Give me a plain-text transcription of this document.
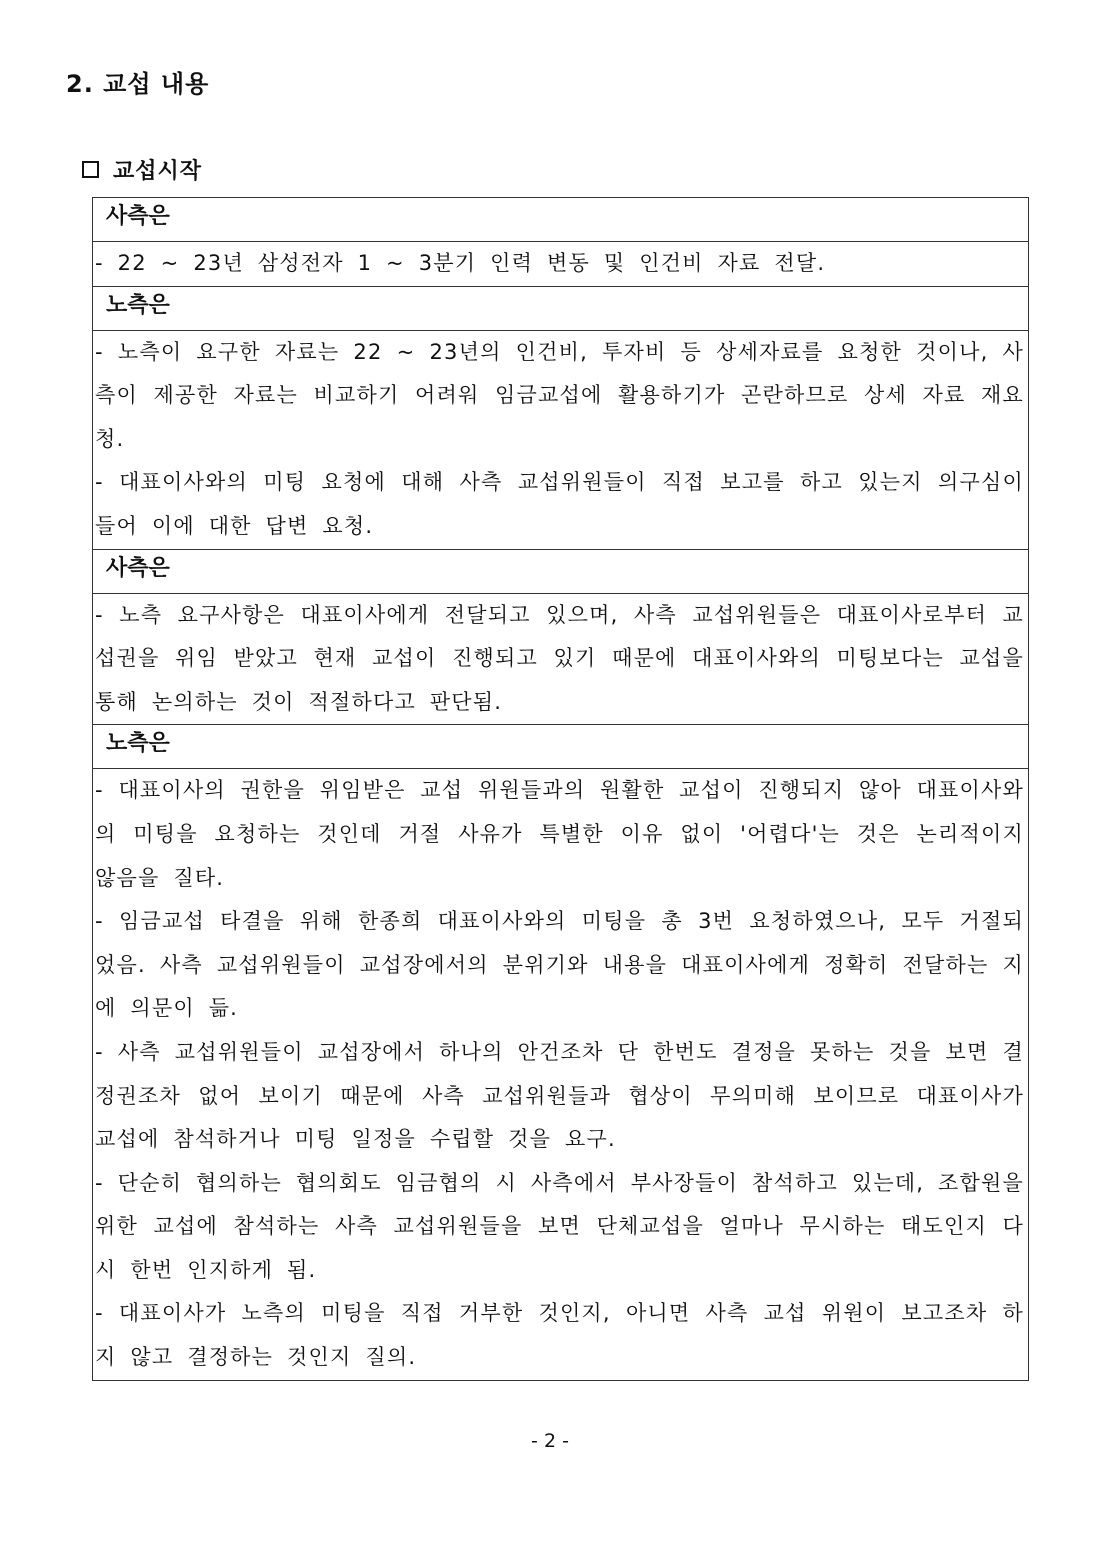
2. 교섭 내용
교섭시작
사측은

- 22 ~ 23년 삼성전자 1 ~ 3분기 인력 변동 및 인건비 자료 전달.

노측은

- 노측이 요구한 자료는 22 ~ 23년의 인건비, 투자비 등 상세자료를 요청한 것이나, 사측이 제공한 자료는 비교하기 어려워 임금교섭에 활용하기가 곤란하므로 상세 자료 재요청.

- 대표이사와의 미팅 요청에 대해 사측 교섭위원들이 직접 보고를 하고 있는지 의구심이 들어 이에 대한 답변 요청.

사측은

- 노측 요구사항은 대표이사에게 전달되고 있으며, 사측 교섭위원들은 대표이사로부터 교섭권을 위임 받았고 현재 교섭이 진행되고 있기 때문에 대표이사와의 미팅보다는 교섭을 통해 논의하는 것이 적절하다고 판단됨.

노측은

- 대표이사의 권한을 위임받은 교섭 위원들과의 원활한 교섭이 진행되지 않아 대표이사와의 미팅을 요청하는 것인데 거절 사유가 특별한 이유 없이 '어렵다'는 것은 논리적이지 않음을 질타.

- 임금교섭 타결을 위해 한종희 대표이사와의 미팅을 총 3번 요청하였으나, 모두 거절되었음. 사측 교섭위원들이 교섭장에서의 분위기와 내용을 대표이사에게 정확히 전달하는 지에 의문이 듦.

- 사측 교섭위원들이 교섭장에서 하나의 안건조차 단 한번도 결정을 못하는 것을 보면 결정권조차 없어 보이기 때문에 사측 교섭위원들과 협상이 무의미해 보이므로 대표이사가 교섭에 참석하거나 미팅 일정을 수립할 것을 요구.

- 단순히 협의하는 협의회도 임금협의 시 사측에서 부사장들이 참석하고 있는데, 조합원을 위한 교섭에 참석하는 사측 교섭위원들을 보면 단체교섭을 얼마나 무시하는 태도인지 다시 한번 인지하게 됨.

- 대표이사가 노측의 미팅을 직접 거부한 것인지, 아니면 사측 교섭 위원이 보고조차 하지 않고 결정하는 것인지 질의.

- 2 -
